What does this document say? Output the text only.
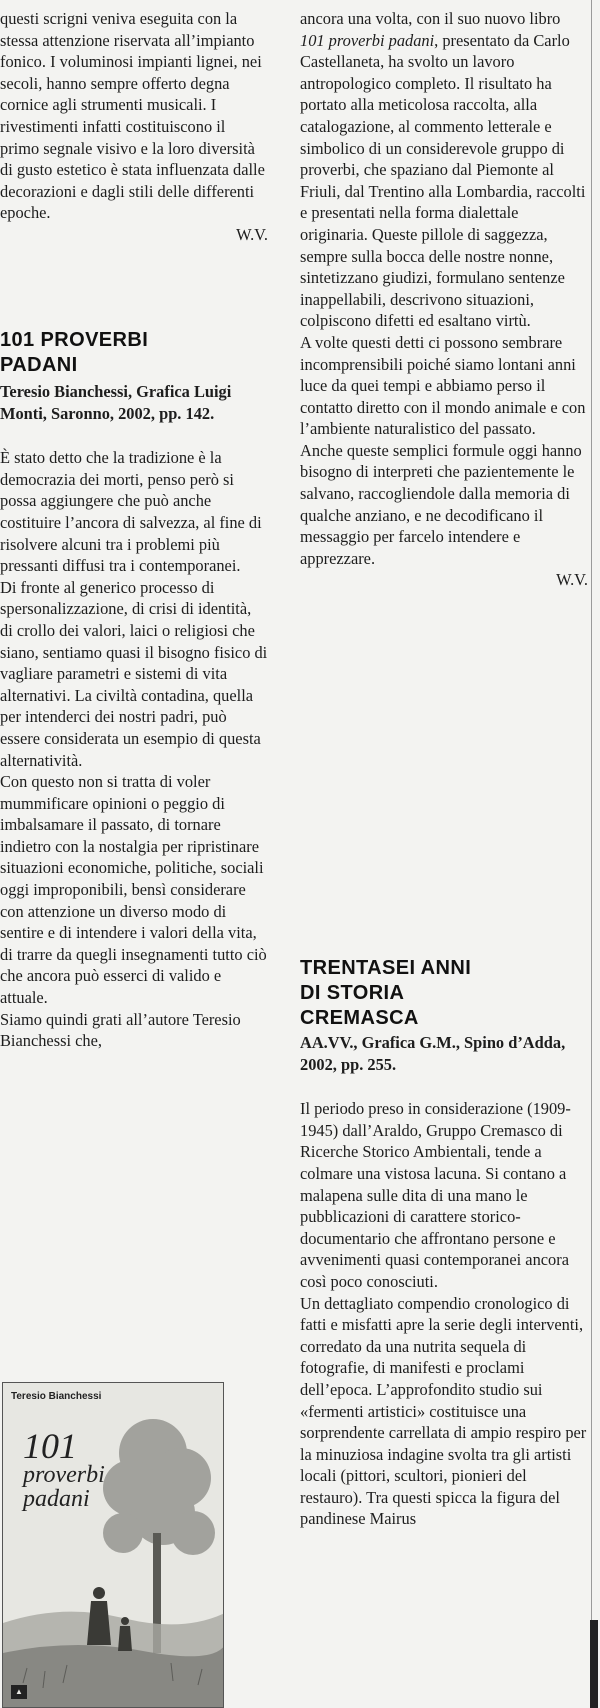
questi scrigni veniva eseguita con la stessa attenzione riservata all’impianto fonico. I voluminosi impianti lignei, nei secoli, hanno sempre offerto degna cornice agli strumenti musicali. I rivestimenti infatti costituiscono il primo segnale visivo e la loro diversità di gusto estetico è stata influenzata dalle decorazioni e dagli stili delle differenti epoche.

W.V.

101 PROVERBI
PADANI

Teresio Bianchessi, Grafica Luigi Monti, Saronno, 2002, pp. 142.

È stato detto che la tradizione è la democrazia dei morti, penso però si possa aggiungere che può anche costituire l’ancora di salvezza, al fine di risolvere alcuni tra i problemi più pressanti diffusi tra i contemporanei.

Di fronte al generico processo di spersonalizzazione, di crisi di identità, di crollo dei valori, laici o religiosi che siano, sentiamo quasi il bisogno fisico di vagliare parametri e sistemi di vita alternativi. La civiltà contadina, quella per intenderci dei nostri padri, può essere considerata un esempio di questa alternatività.

Con questo non si tratta di voler mummificare opinioni o peggio di imbalsamare il passato, di tornare indietro con la nostalgia per ripristinare situazioni economiche, politiche, sociali oggi improponibili, bensì considerare con attenzione un diverso modo di sentire e di intendere i valori della vita, di trarre da quegli insegnamenti tutto ciò che ancora può esserci di valido e attuale.

Siamo quindi grati all’autore Teresio Bianchessi che,

Teresio Bianchessi
101
proverbi
padani
▲

ancora una volta, con il suo nuovo libro 101 proverbi padani, presentato da Carlo Castellaneta, ha svolto un lavoro antropologico completo. Il risultato ha portato alla meticolosa raccolta, alla catalogazione, al commento letterale e simbolico di un considerevole gruppo di proverbi, che spaziano dal Piemonte al Friuli, dal Trentino alla Lombardia, raccolti e presentati nella forma dialettale originaria. Queste pillole di saggezza, sempre sulla bocca delle nostre nonne, sintetizzano giudizi, formulano sentenze inappellabili, descrivono situazioni, colpiscono difetti ed esaltano virtù.

A volte questi detti ci possono sembrare incomprensibili poiché siamo lontani anni luce da quei tempi e abbiamo perso il contatto diretto con il mondo animale e con l’ambiente naturalistico del passato.

Anche queste semplici formule oggi hanno bisogno di interpreti che pazientemente le salvano, raccogliendole dalla memoria di qualche anziano, e ne decodificano il messaggio per farcelo intendere e apprezzare.

W.V.

TRENTASEI ANNI
DI STORIA
CREMASCA

AA.VV., Grafica G.M., Spino d’Adda, 2002, pp. 255.

Il periodo preso in considerazione (1909-1945) dall’Araldo, Gruppo Cremasco di Ricerche Storico Ambientali, tende a colmare una vistosa lacuna. Si contano a malapena sulle dita di una mano le pubblicazioni di carattere storico-documentario che affrontano persone e avvenimenti quasi contemporanei ancora così poco conosciuti.

Un dettagliato compendio cronologico di fatti e misfatti apre la serie degli interventi, corredato da una nutrita sequela di fotografie, di manifesti e proclami dell’epoca. L’approfondito studio sui «fermenti artistici» costituisce una sorprendente carrellata di ampio respiro per la minuziosa indagine svolta tra gli artisti locali (pittori, scultori, pionieri del restauro). Tra questi spicca la figura del pandinese Mairus
